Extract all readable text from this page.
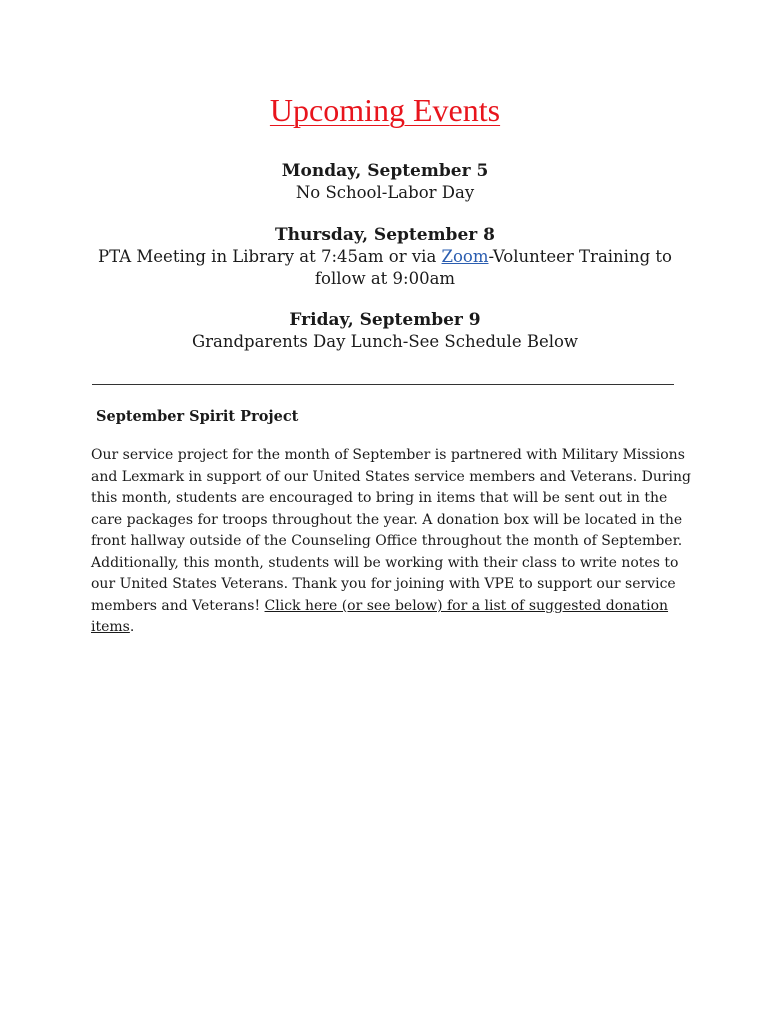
Upcoming Events
Monday, September 5
No School-Labor Day
Thursday, September 8
PTA Meeting in Library at 7:45am or via Zoom-Volunteer Training to follow at 9:00am
Friday, September 9
Grandparents Day Lunch-See Schedule Below
September Spirit Project

Our service project for the month of September is partnered with Military Missions and Lexmark in support of our United States service members and Veterans. During this month, students are encouraged to bring in items that will be sent out in the care packages for troops throughout the year. A donation box will be located in the front hallway outside of the Counseling Office throughout the month of September. Additionally, this month, students will be working with their class to write notes to our United States Veterans. Thank you for joining with VPE to support our service members and Veterans! Click here (or see below) for a list of suggested donation items.
